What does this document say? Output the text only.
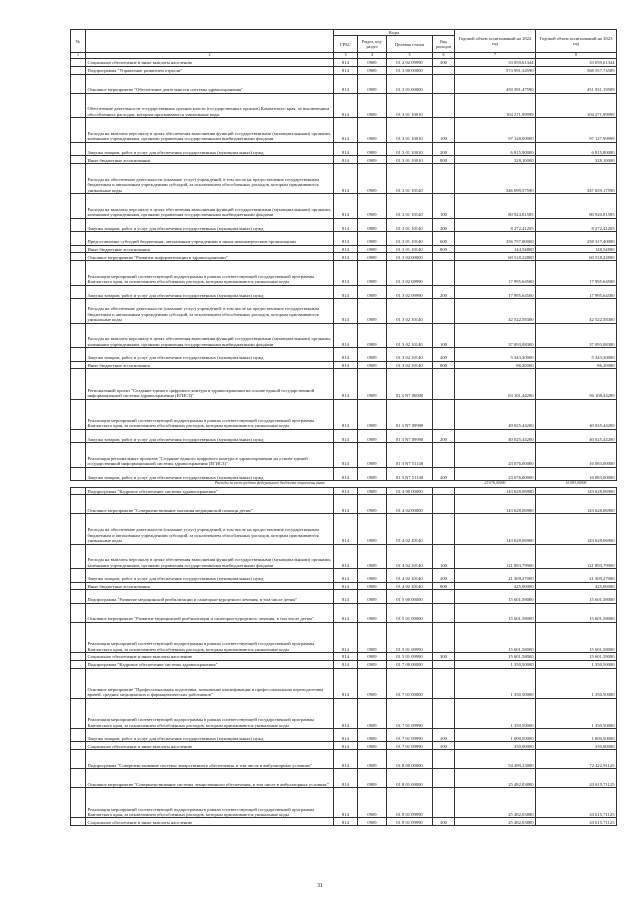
№		Коды				Годовой объем ассигнований на 2022 год	Годовой объем ассигнований на 2023 год
		ГРБС	Раздел, под-раздел	Целевая статья	Вид расходов		
1	2	3	4	5	6	7	8
	Социальное обеспечение и иные выплаты населению	814	0909	01 2 02 09990	300	33 059,61344	33 059,61344
	Подпрограмма "Управление развитием отрасли"	814	0909	01 3 00 00000		573 991,34590	568 557,74589
	Основное мероприятие "Обеспечение деятельности системы здравоохранения"	814	0909	01 3 01 00000		450 391,47590	451 931,19589
	Обеспечение деятельности государственных органов власти (государственных органов) Камчатского края, за исключением обособленных расходов, которым присваиваются уникальные коды	814	0909	01 3 01 10010		104 271,99999	104 271,99999
	Расходы на выплаты персоналу в целях обеспечения выполнения функций государственными (муниципальными) органами, казенными учреждениями, органами управления государственными внебюджетными фондами	814	0909	01 3 01 10010	100	97 128,00000	97 127,99999
	Закупка товаров, работ и услуг для обеспечения государственных (муниципальных) нужд	814	0909	01 3 01 10010	200	6 815,90000	6 815,80000
	Иные бюджетные ассигнования	814	0909	01 3 01 10010	800	328,10000	328,10000
	Расходы на обеспечение деятельности (оказание услуг) учреждений, в том числе на предоставление государственным бюджетным и автономным учреждениям субсидий, за исключением обособленных расходов, которым присваиваются уникальные коды	814	0909	01 3 01 10140		346 099,57590	347 659,17590
	Расходы на выплаты персоналу в целях обеспечения выполнения функций государственными (муниципальными) органами, казенными учреждениями, органами управления государственными внебюджетными фондами	814	0909	01 3 01 10140	100	80 924,81585	80 920,81585
	Закупка товаров, работ и услуг для обеспечения государственных (муниципальных) нужд	814	0909	01 3 01 10140	200	8 272,41205	8 272,41205
	Предоставление субсидий бюджетным, автономным учреждениям и иным некоммерческим организациям	814	0909	01 3 01 10140	600	256 757,80000	258 317,40000
	Иные бюджетные ассигнования	814	0909	01 3 01 10140	800	144,54800	148,54800
	Основное мероприятие "Развитие информатизации в здравоохранении"	814	0909	01 3 02 00000		60 518,22800	60 518,22800
	Реализация мероприятий соответствующей подпрограммы в рамках соответствующей государственной программы Камчатского края, за исключением обособленных расходов, которым присваиваются уникальные коды	814	0909	01 3 02 09990		17 995,64500	17 995,64500
	Закупка товаров, работ и услуг для обеспечения государственных (муниципальных) нужд	814	0909	01 3 02 09990	200	17 995,64500	17 995,64500
	Расходы на обеспечение деятельности (оказание услуг) учреждений, в том числе на предоставление государственным бюджетным и автономным учреждениям субсидий, за исключением обособленных расходов, которым присваиваются уникальные коды	814	0909	01 3 02 10140		42 522,58300	42 522,58300
	Расходы на выплаты персоналу в целях обеспечения выполнения функций государственными (муниципальными) органами, казенными учреждениями, органами управления государственными внебюджетными фондами	814	0909	01 3 02 10140	100	37 093,08300	37 093,08300
	Закупка товаров, работ и услуг для обеспечения государственных (муниципальных) нужд	814	0909	01 3 02 10140	200	5 343,30000	5 343,30000
	Иные бюджетные ассигнования	814	0909	01 3 02 10140	800	86,20000	86,20000
	Региональный проект "Создание единого цифрового контура в здравоохранении на основе единой государственной информационной системы здравоохранения (ЕГИСЗ)"	814	0909	01 3 N7 00000		63 101,44200	56 108,44200
	Реализация мероприятий соответствующей подпрограммы в рамках соответствующей государственной программы Камчатского края, за исключением обособленных расходов, которым присваиваются уникальные коды	814	0909	01 3 N7 09990		40 025,44200	40 025,44200
	Закупка товаров, работ и услуг для обеспечения государственных (муниципальных) нужд	814	0909	01 3 N7 09990	200	40 025,44200	40 025,44200
	Реализация региональных проектов "Создание единого цифрового контура в здравоохранении на основе единой государственной информационной системы здравоохранения (ЕГИСЗ)"	814	0909	01 3 N7 51140		23 076,00000	16 083,00000
	Закупка товаров, работ и услуг для обеспечения государственных (муниципальных) нужд	814	0909	01 3 N7 51140	200	23 076,00000	16 083,00000
	Расходы за счет средств федерального бюджета отражены выше					23 076,00000	16 083,00000
	Подпрограмма "Кадровое обеспечение системы здравоохранения"	814	0909	01 4 00 00000		143 628,06900	143 628,06900
	Основное мероприятие "Совершенствование оказания медицинской помощи детям"	814	0909	01 4 02 00000		143 628,06900	143 628,06900
	Расходы на обеспечение деятельности (оказание услуг) учреждений, в том числе на предоставление государственным бюджетным и автономным учреждениям субсидий, за исключением обособленных расходов, которым присваиваются уникальные коды	814	0909	01 4 02 10140		143 628,06900	143 628,06900
	Расходы на выплаты персоналу в целях обеспечения выполнения функций государственными (муниципальными) органами, казенными учреждениями, органами управления государственными внебюджетными фондами	814	0909	01 4 02 10140	100	121 893,79900	121 893,79900
	Закупка товаров, работ и услуг для обеспечения государственных (муниципальных) нужд	814	0909	01 4 02 10140	200	21 309,27000	21 309,27000
	Иные бюджетные ассигнования	814	0909	01 4 02 10140	800	425,00000	425,00000
	Подпрограмма "Развитие медицинской реабилитации и санаторно-курортного лечения, в том числе детям"	814	0909	01 5 00 00000		15 601,58000	15 601,58000
	Основное мероприятие "Развитие медицинской реабилитации и санаторно-курортного лечения, в том числе детям"	814	0909	01 5 01 00000		15 601,58000	15 601,58000
	Реализация мероприятий соответствующей подпрограммы в рамках соответствующей государственной программы Камчатского края, за исключением обособленных расходов, которым присваиваются уникальные коды	814	0909	01 5 01 09990		15 601,58000	15 601,58000
	Социальное обеспечение и иные выплаты населению	814	0909	01 5 01 09990	300	15 601,58000	15 601,58000
	Подпрограмма "Кадровое обеспечение системы здравоохранения"	814	0909	01 7 00 00000		1 350,50000	1 350,50000
	Основное мероприятие "Профессиональная подготовка, повышение квалификации и профессиональная переподготовка врачей, средних медицинских и фармацевтических работников"	814	0909	01 7 01 00000		1 350,50000	1 350,50000
	Реализация мероприятий соответствующей подпрограммы в рамках соответствующей государственной программы Камчатского края, за исключением обособленных расходов, которым присваиваются уникальные коды	814	0909	01 7 01 09990		1 350,50000	1 350,50000
	Закупка товаров, работ и услуг для обеспечения государственных (муниципальных) нужд	814	0909	01 7 01 09990	200	1 000,50000	1 000,50000
	Социальное обеспечение и иные выплаты населению	814	0909	01 7 01 09990	300	350,00000	350,00000
	Подпрограмма "Совершенствование системы лекарственного обеспечения, в том числе в амбулаторных условиях"	814	0909	01 8 00 00000		54 289,23880	72 422,91125
	Основное мероприятие "Совершенствование системы лекарственного обеспечения, в том числе в амбулаторных условиях"	814	0909	01 8 01 00000		25 482,03880	43 615,71125
	Реализация мероприятий соответствующей подпрограммы в рамках соответствующей государственной программы Камчатского края, за исключением обособленных расходов, которым присваиваются уникальные коды	814	0909	01 8 01 09990		25 482,03880	43 615,71125
	Социальное обеспечение и иные выплаты населению	814	0909	01 8 01 09990	300	25 482,03880	43 615,71125
31
